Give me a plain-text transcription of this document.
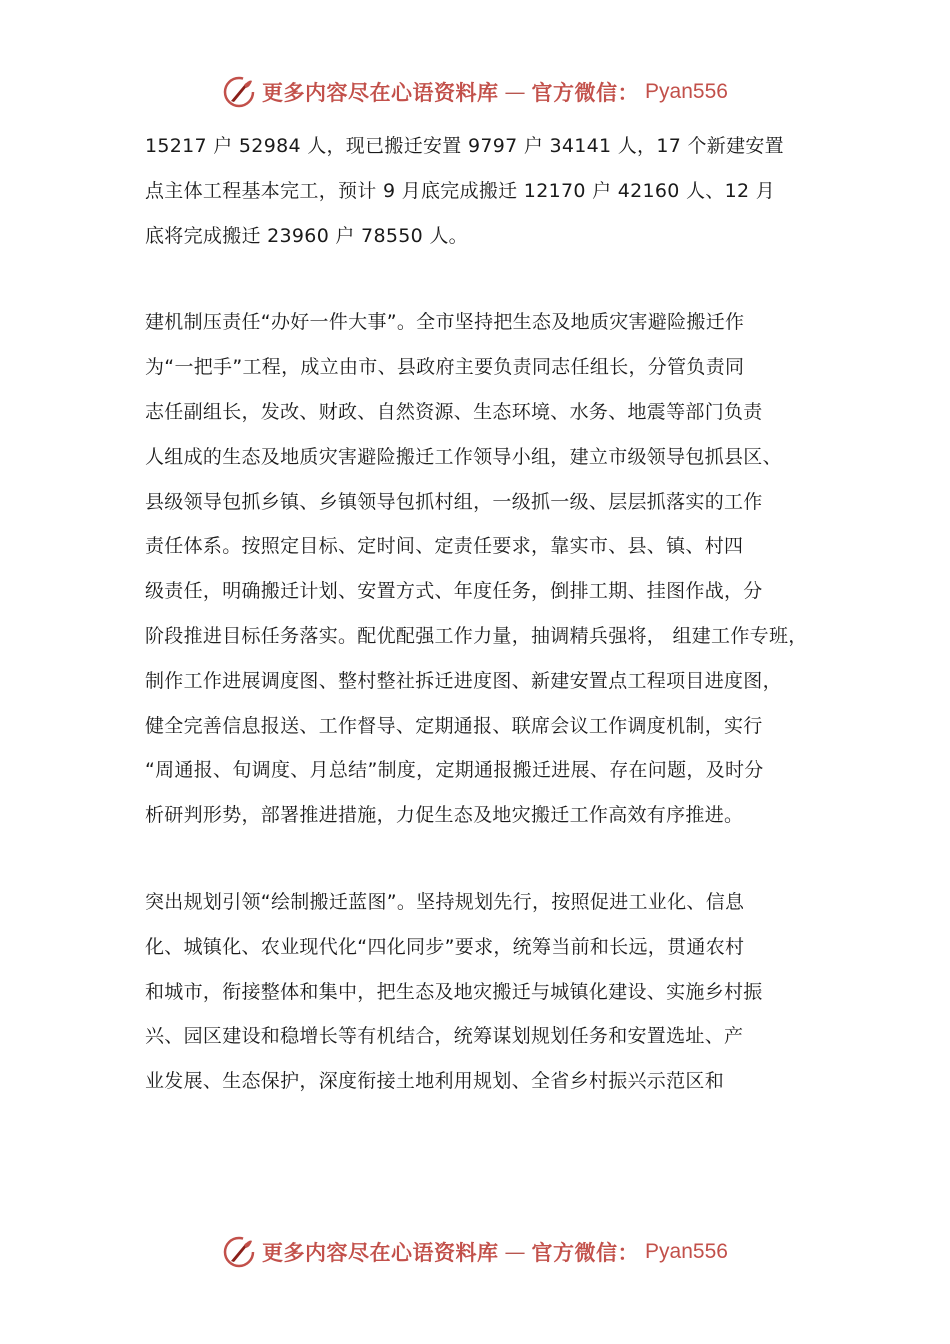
更多内容尽在心语资料库 — 官方微信： Pyan556
15217 户 52984 人，现已搬迁安置 9797 户 34141 人，17 个新建安置
点主体工程基本完工，预计 9 月底完成搬迁 12170 户 42160 人、12 月
底将完成搬迁 23960 户 78550 人。
建机制压责任“办好一件大事”。全市坚持把生态及地质灾害避险搬迁作
为“一把手”工程，成立由市、县政府主要负责同志任组长，分管负责同
志任副组长，发改、财政、自然资源、生态环境、水务、地震等部门负责
人组成的生态及地质灾害避险搬迁工作领导小组，建立市级领导包抓县区、
县级领导包抓乡镇、乡镇领导包抓村组，一级抓一级、层层抓落实的工作
责任体系。按照定目标、定时间、定责任要求，靠实市、县、镇、村四
级责任，明确搬迁计划、安置方式、年度任务，倒排工期、挂图作战，分
阶段推进目标任务落实。配优配强工作力量，抽调精兵强将， 组建工作专班，
制作工作进展调度图、整村整社拆迁进度图、新建安置点工程项目进度图，
健全完善信息报送、工作督导、定期通报、联席会议工作调度机制，实行
“周通报、旬调度、月总结”制度，定期通报搬迁进展、存在问题，及时分
析研判形势，部署推进措施，力促生态及地灾搬迁工作高效有序推进。
突出规划引领“绘制搬迁蓝图”。坚持规划先行，按照促进工业化、信息
化、城镇化、农业现代化“四化同步”要求，统筹当前和长远，贯通农村
和城市，衔接整体和集中，把生态及地灾搬迁与城镇化建设、实施乡村振
兴、园区建设和稳增长等有机结合，统筹谋划规划任务和安置选址、产
业发展、生态保护，深度衔接土地利用规划、全省乡村振兴示范区和
更多内容尽在心语资料库 — 官方微信： Pyan556
